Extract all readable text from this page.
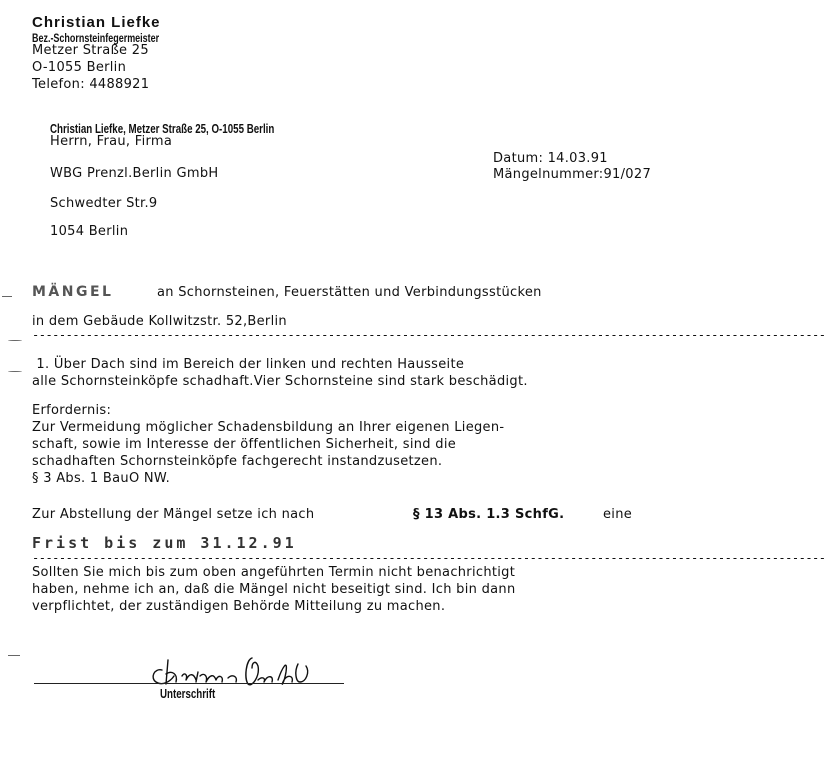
Christian Liefke
Bez.-Schornsteinfegermeister
Metzer Straße 25
O-1055 Berlin
Telefon: 4488921
Christian Liefke, Metzer Straße 25, O-1055 Berlin
Herrn, Frau, Firma
WBG Prenzl.Berlin GmbH
Schwedter Str.9
1054 Berlin
Datum: 14.03.91
Mängelnummer:91/027
MÄNGEL	an Schornsteinen, Feuerstätten und Verbindungsstücken
in dem Gebäude Kollwitzstr. 52,Berlin
----------------------------------------------------------------------------------------------------------------------
1. Über Dach sind im Bereich der linken und rechten Hausseite
alle Schornsteinköpfe schadhaft.Vier Schornsteine sind stark beschädigt.
Erfordernis:
Zur Vermeidung möglicher Schadensbildung an Ihrer eigenen Liegen-
schaft, sowie im Interesse der öffentlichen Sicherheit, sind die
schadhaften Schornsteinköpfe fachgerecht instandzusetzen.
§ 3 Abs. 1 BauO NW.
Zur Abstellung der Mängel setze ich nach	§ 13 Abs. 1.3 SchfG.	eine
Frist bis zum 31.12.91
----------------------------------------------------------------------------------------------------------------------
Sollten Sie mich bis zum oben angeführten Termin nicht benachrichtigt
haben, nehme ich an, daß die Mängel nicht beseitigt sind. Ich bin dann
verpflichtet, der zuständigen Behörde Mitteilung zu machen.
Unterschrift
